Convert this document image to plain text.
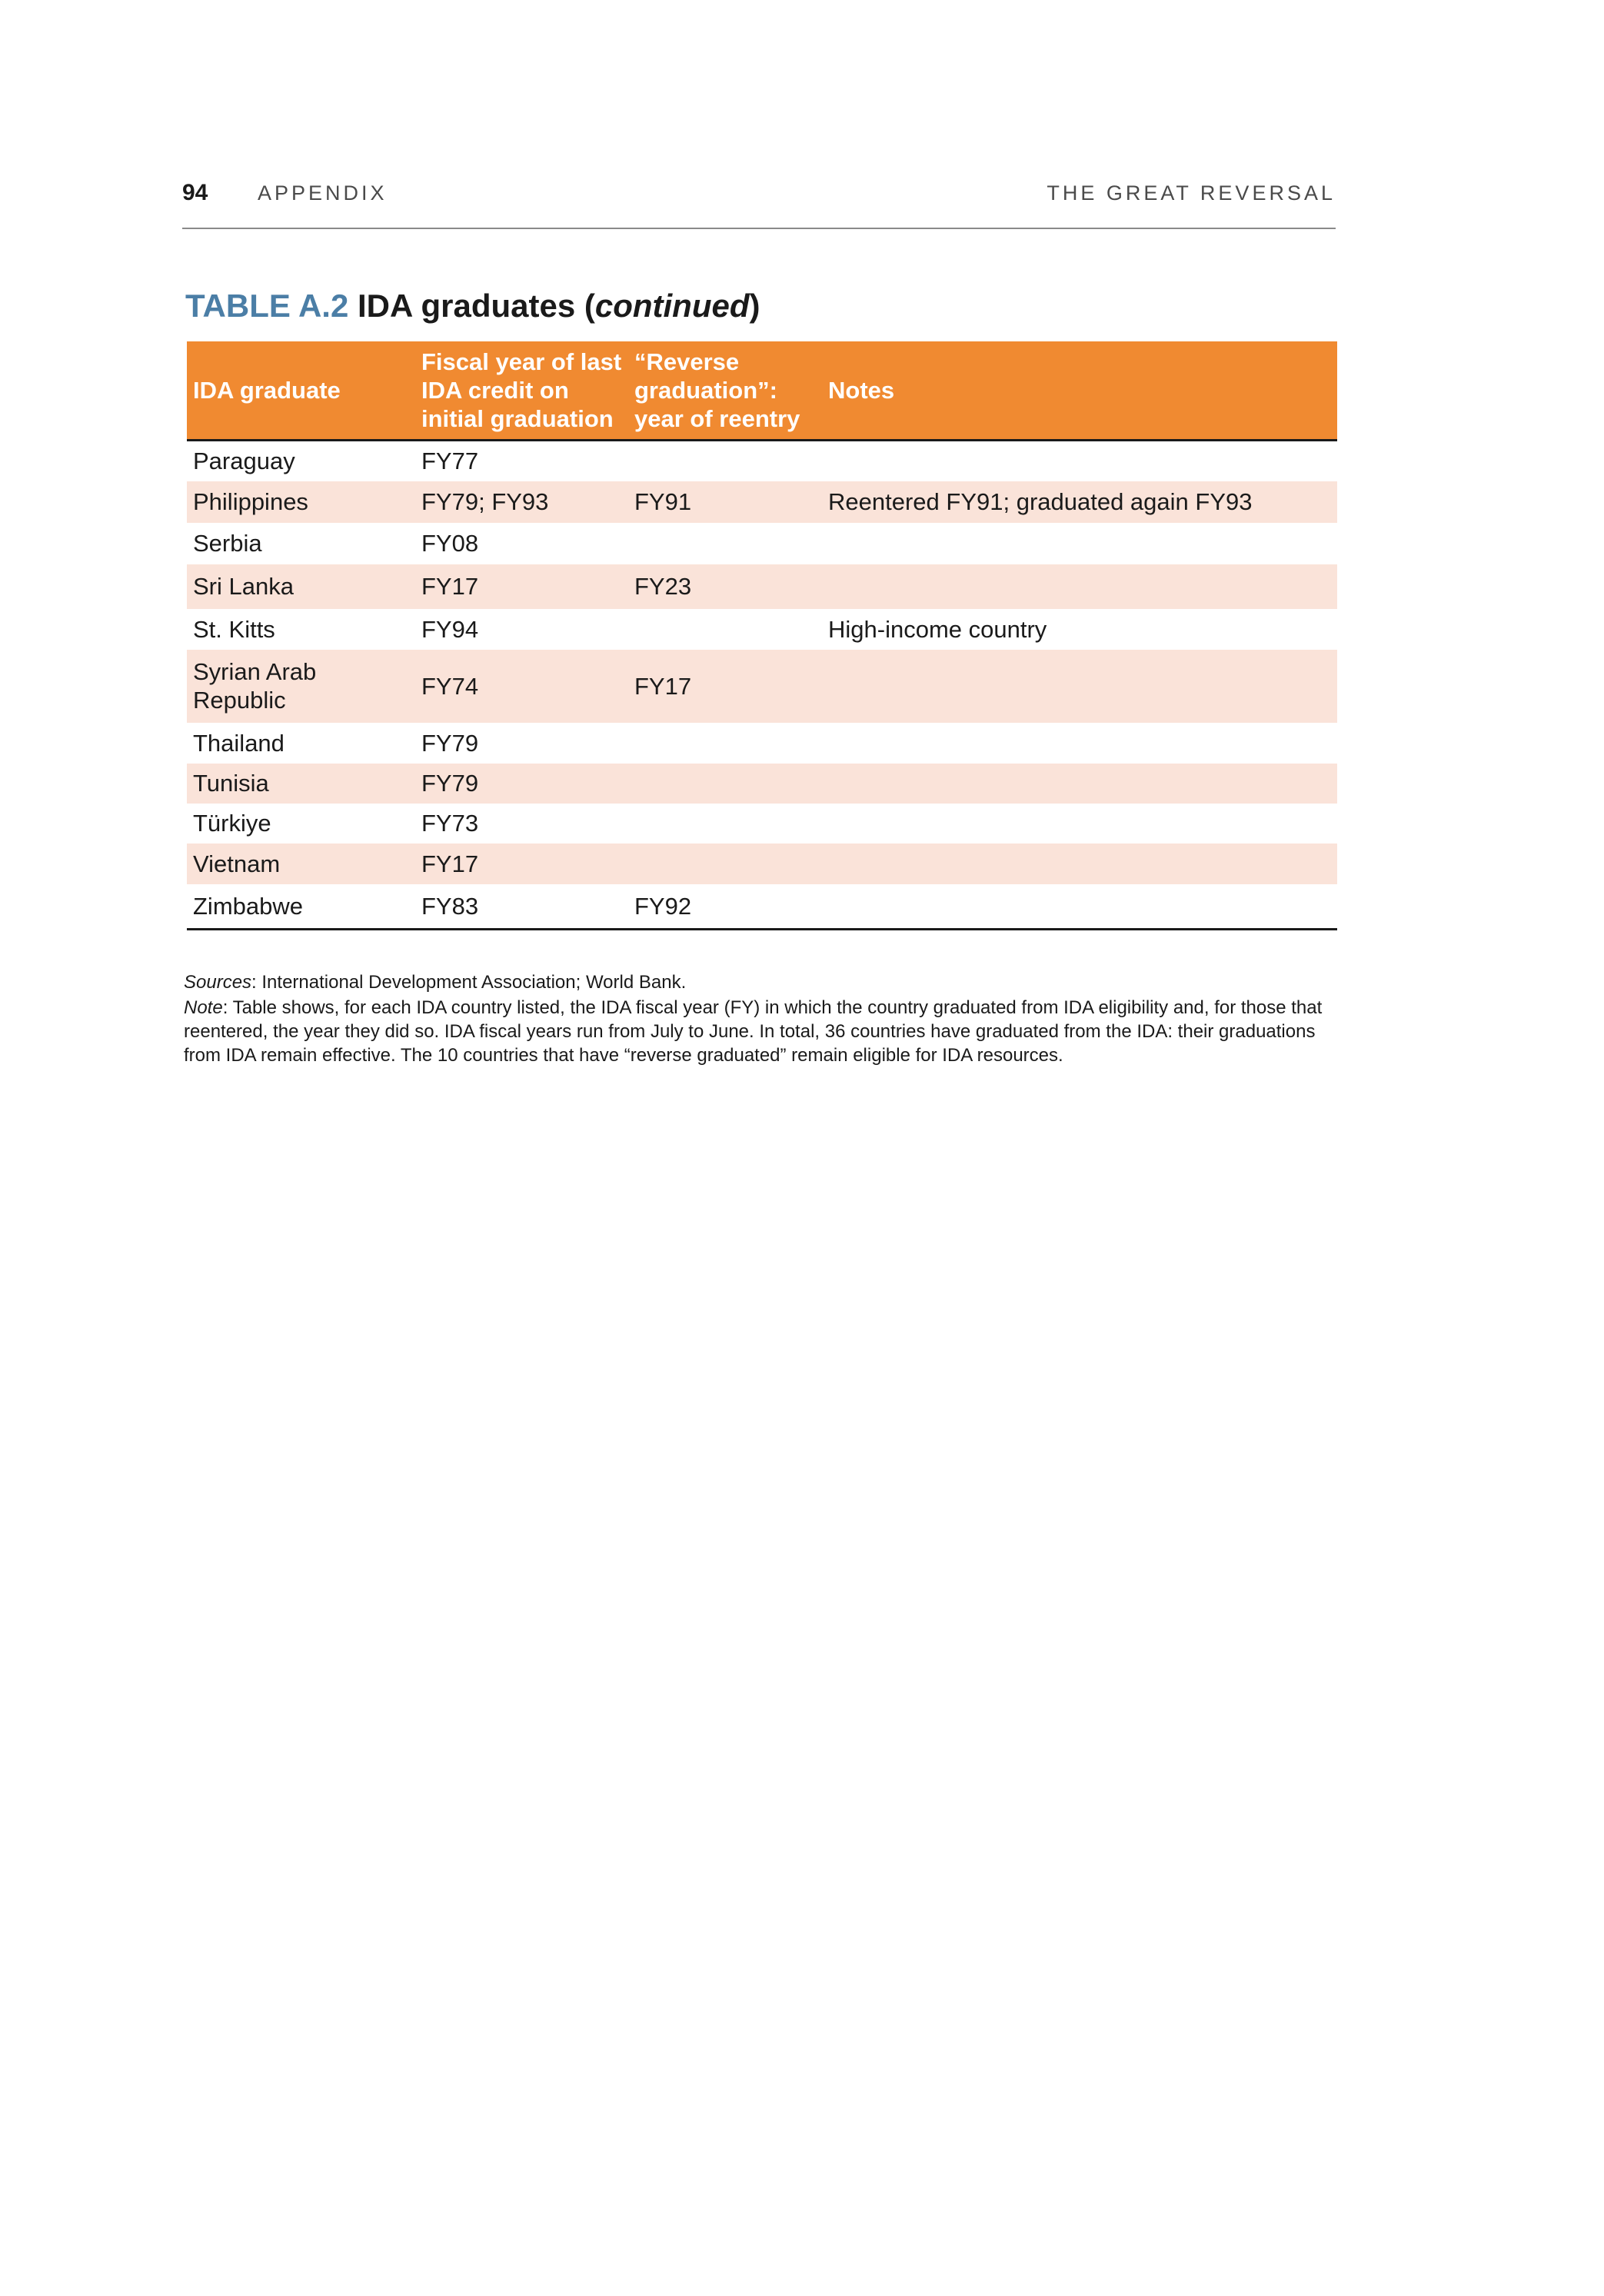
94 APPENDIX	THE GREAT REVERSAL
TABLE A.2 IDA graduates (continued)
IDA graduate	Fiscal year of last IDA credit on initial graduation	“Reverse graduation”: year of reentry	Notes
Paraguay	FY77		
Philippines	FY79; FY93	FY91	Reentered FY91; graduated again FY93
Serbia	FY08		
Sri Lanka	FY17	FY23	
St. Kitts	FY94		High-income country
Syrian Arab Republic	FY74	FY17	
Thailand	FY79		
Tunisia	FY79		
Türkiye	FY73		
Vietnam	FY17		
Zimbabwe	FY83	FY92	

Sources: International Development Association; World Bank.

Note: Table shows, for each IDA country listed, the IDA fiscal year (FY) in which the country graduated from IDA eligibility and, for those that reentered, the year they did so. IDA fiscal years run from July to June. In total, 36 countries have graduated from the IDA: their graduations from IDA remain effective. The 10 countries that have “reverse graduated” remain eligible for IDA resources.
